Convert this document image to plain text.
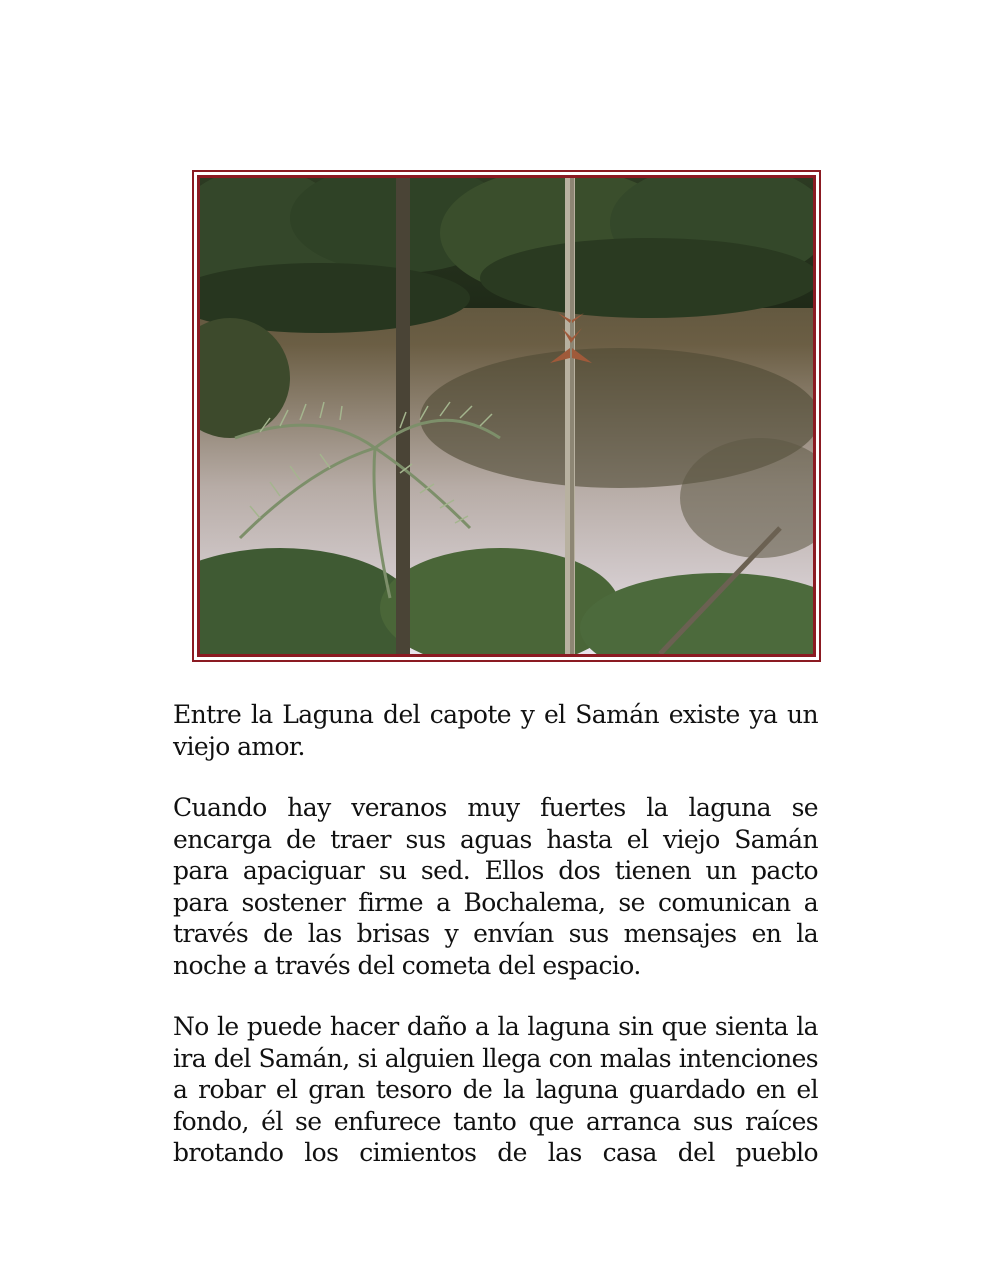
Entre la Laguna del capote y el Samán existe ya un viejo amor.

Cuando hay veranos muy fuertes la laguna se encarga de traer sus aguas hasta el viejo Samán para apaciguar su sed. Ellos dos tienen un pacto para sostener firme a Bochalema, se comunican a través de las brisas y envían sus mensajes en la noche a través del cometa del espacio.

No le puede hacer daño a la laguna sin que sienta la ira del Samán, si alguien llega con malas intenciones a robar el gran tesoro de la laguna guardado en el fondo, él se enfurece tanto que arranca sus raíces brotando los cimientos de las casa del pueblo
